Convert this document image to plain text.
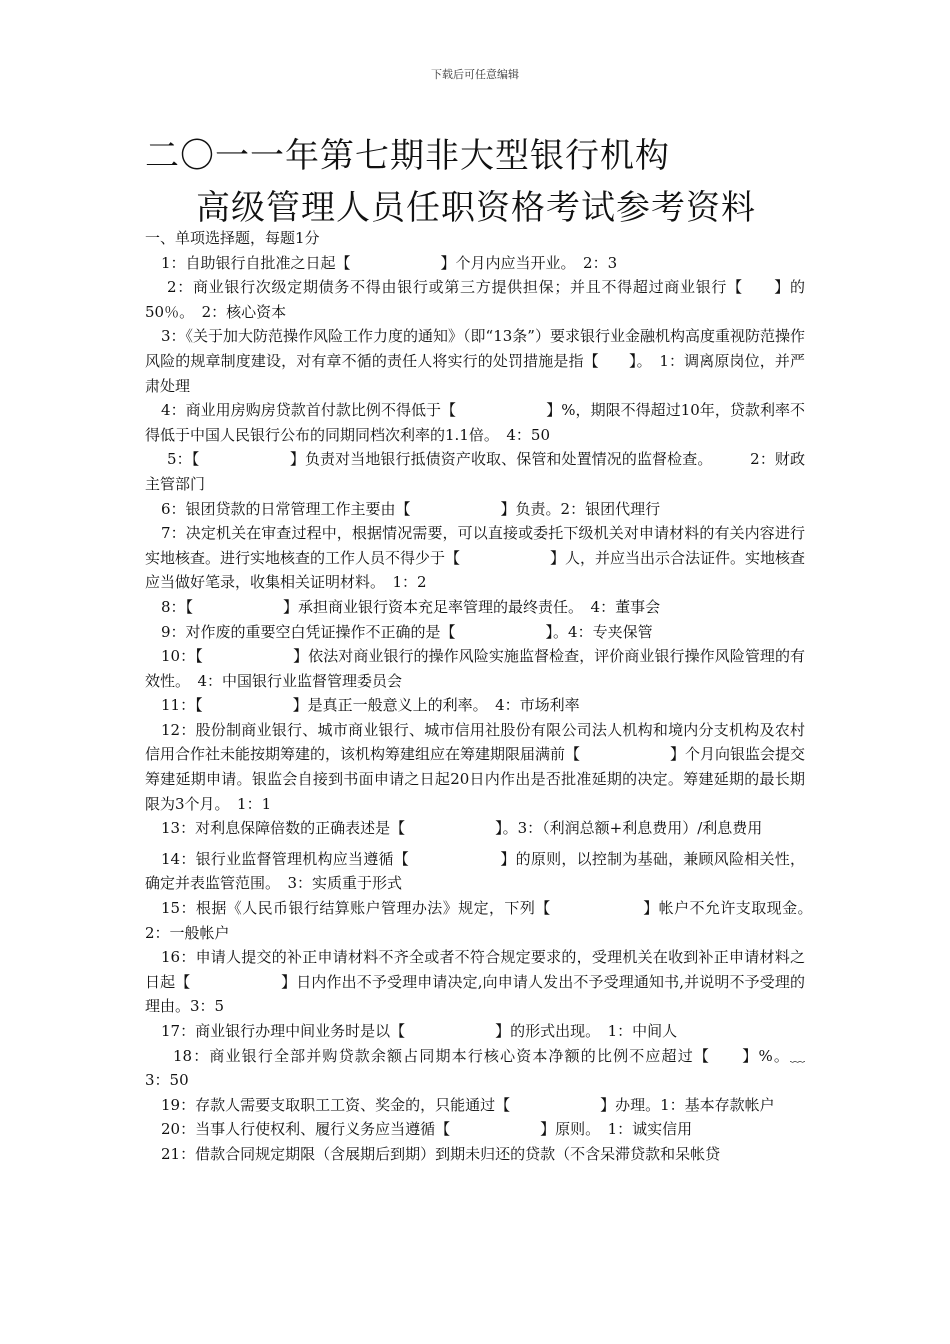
下载后可任意编辑
二〇一一年第七期非大型银行机构
高级管理人员任职资格考试参考资料

一、单项选择题，每题1分

1：自助银行自批准之日起【　　　　　　】个月内应当开业。　2：3

2：商业银行次级定期债务不得由银行或第三方提供担保；并且不得超过商业银行【　　】的50％。　2：核心资本

3：《关于加大防范操作风险工作力度的通知》（即“13条”）要求银行业金融机构高度重视防范操作风险的规章制度建设，对有章不循的责任人将实行的处罚措施是指【　　】。　1：调离原岗位，并严肃处理

4：商业用房购房贷款首付款比例不得低于【　　　　　　】%，期限不得超过10年，贷款利率不得低于中国人民银行公布的同期同档次利率的1.1倍。　4：50

5：【　　　　　　】负责对当地银行抵债资产收取、保管和处置情况的监督检查。　　　2：财政主管部门

6：银团贷款的日常管理工作主要由【　　　　　　】负责。2：银团代理行

7：决定机关在审查过程中，根据情况需要，可以直接或委托下级机关对申请材料的有关内容进行实地核查。进行实地核查的工作人员不得少于【　　　　　　】人，并应当出示合法证件。实地核查应当做好笔录，收集相关证明材料。　1：2

8：【　　　　　　】承担商业银行资本充足率管理的最终责任。　4：董事会

9：对作废的重要空白凭证操作不正确的是【　　　　　　】。4：专夹保管

10：【　　　　　　】依法对商业银行的操作风险实施监督检查，评价商业银行操作风险管理的有效性。　4：中国银行业监督管理委员会

11：【　　　　　　】是真正一般意义上的利率。　4：市场利率

12：股份制商业银行、城市商业银行、城市信用社股份有限公司法人机构和境内分支机构及农村信用合作社未能按期筹建的，该机构筹建组应在筹建期限届满前【　　　　　　】个月向银监会提交筹建延期申请。银监会自接到书面申请之日起20日内作出是否批准延期的决定。筹建延期的最长期限为3个月。　1：1

13：对利息保障倍数的正确表述是【　　　　　　】。3：（利润总额+利息费用）/利息费用

14：银行业监督管理机构应当遵循【　　　　　　】的原则，以控制为基础，兼顾风险相关性，确定并表监管范围。　3：实质重于形式

15：根据《人民币银行结算账户管理办法》规定，下列【　　　　　　】帐户不允许支取现金。　2：一般帐户

16：申请人提交的补正申请材料不齐全或者不符合规定要求的，受理机关在收到补正申请材料之日起【　　　　　　】日内作出不予受理申请决定,向申请人发出不予受理通知书,并说明不予受理的理由。3：5

17：商业银行办理中间业务时是以【　　　　　　】的形式出现。　1：中间人

18：商业银行全部并购贷款余额占同期本行核心资本净额的比例不应超过【　　】%。﹏　　3：50

19：存款人需要支取职工工资、奖金的，只能通过【　　　　　　】办理。1：基本存款帐户

20：当事人行使权利、履行义务应当遵循【　　　　　　】原则。　1：诚实信用

21：借款合同规定期限（含展期后到期）到期未归还的贷款（不含呆滞贷款和呆帐贷
